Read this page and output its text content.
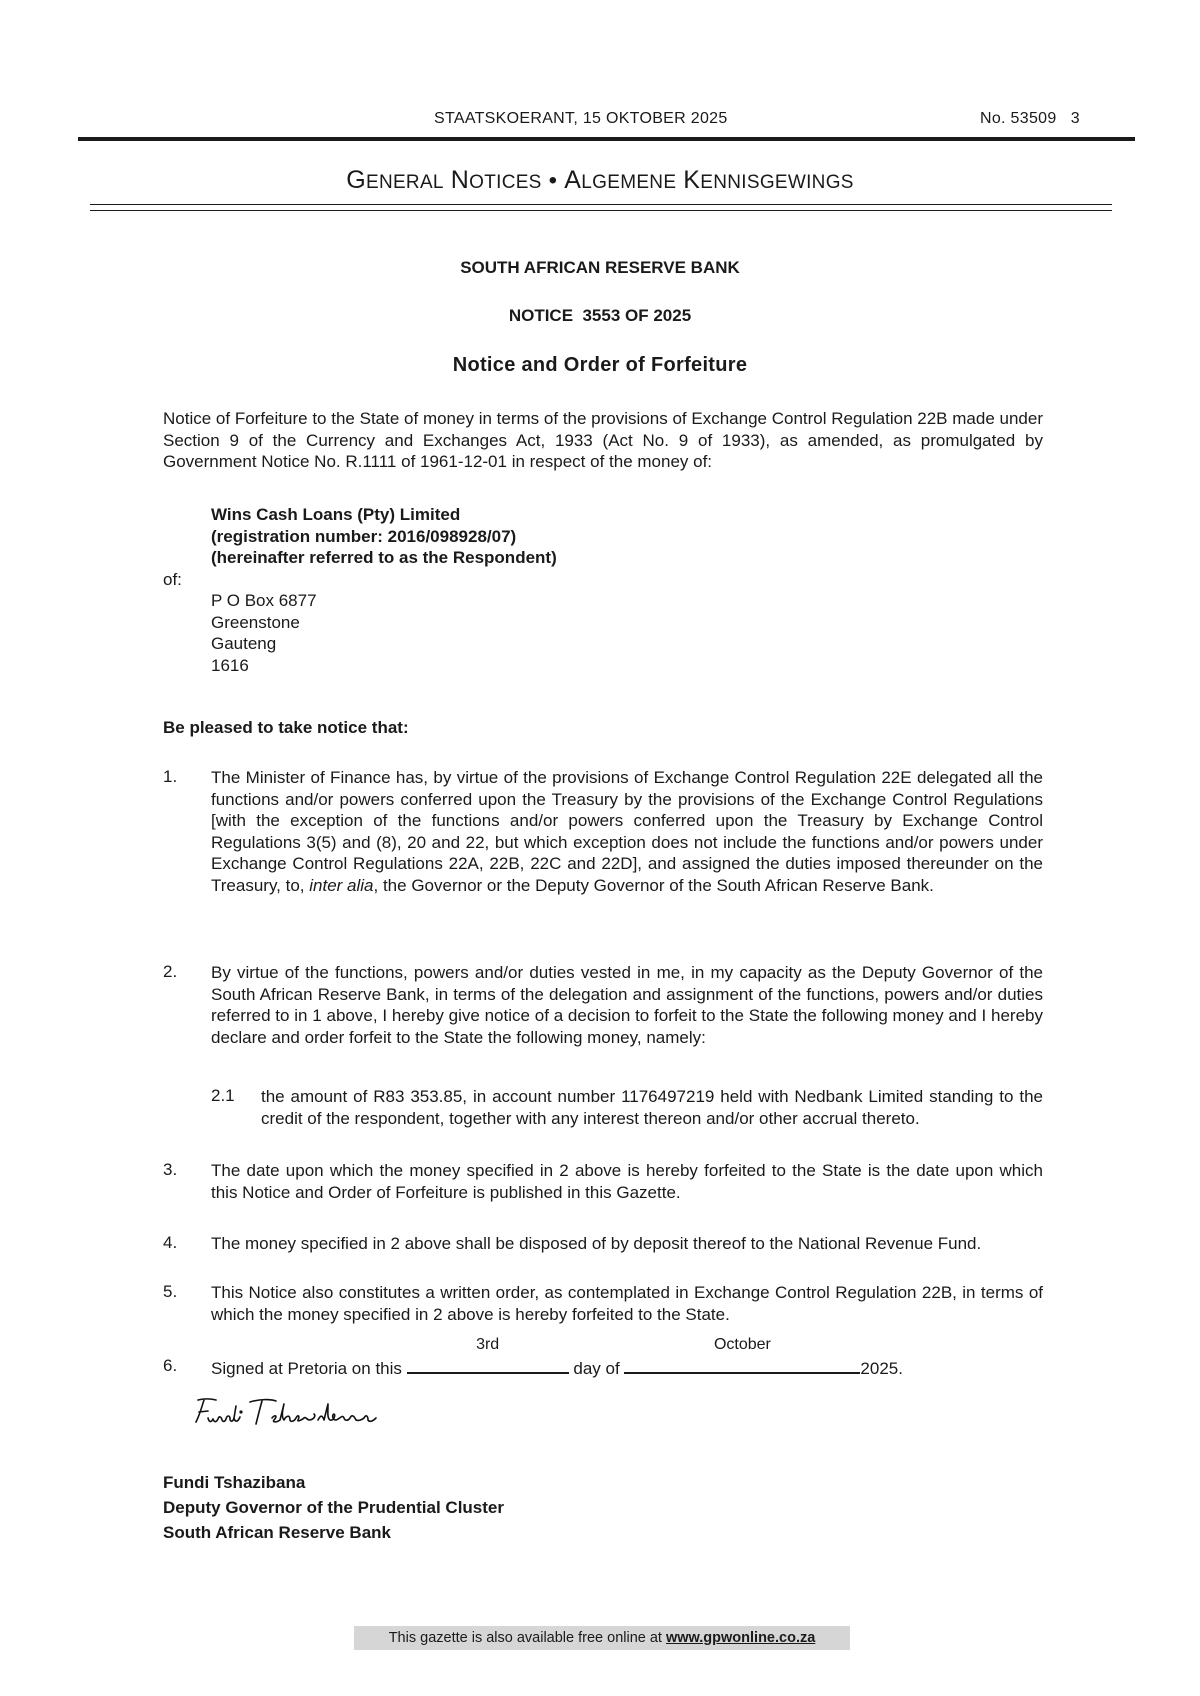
STAATSKOERANT, 15 OKTOBER 2025	No. 53509   3
GENERAL NOTICES • ALGEMENE KENNISGEWINGS
SOUTH AFRICAN RESERVE BANK
NOTICE  3553 OF 2025
Notice and Order of Forfeiture
Notice of Forfeiture to the State of money in terms of the provisions of Exchange Control Regulation 22B made under Section 9 of the Currency and Exchanges Act, 1933 (Act No. 9 of 1933), as amended, as promulgated by Government Notice No. R.1111 of 1961-12-01 in respect of the money of:
Wins Cash Loans (Pty) Limited
(registration number: 2016/098928/07)
(hereinafter referred to as the Respondent)
of:
P O Box 6877
Greenstone
Gauteng
1616
Be pleased to take notice that:
1. The Minister of Finance has, by virtue of the provisions of Exchange Control Regulation 22E delegated all the functions and/or powers conferred upon the Treasury by the provisions of the Exchange Control Regulations [with the exception of the functions and/or powers conferred upon the Treasury by Exchange Control Regulations 3(5) and (8), 20 and 22, but which exception does not include the functions and/or powers under Exchange Control Regulations 22A, 22B, 22C and 22D], and assigned the duties imposed thereunder on the Treasury, to, inter alia, the Governor or the Deputy Governor of the South African Reserve Bank.
2. By virtue of the functions, powers and/or duties vested in me, in my capacity as the Deputy Governor of the South African Reserve Bank, in terms of the delegation and assignment of the functions, powers and/or duties referred to in 1 above, I hereby give notice of a decision to forfeit to the State the following money and I hereby declare and order forfeit to the State the following money, namely:
2.1 the amount of R83 353.85, in account number 1176497219 held with Nedbank Limited standing to the credit of the respondent, together with any interest thereon and/or other accrual thereto.
3. The date upon which the money specified in 2 above is hereby forfeited to the State is the date upon which this Notice and Order of Forfeiture is published in this Gazette.
4. The money specified in 2 above shall be disposed of by deposit thereof to the National Revenue Fund.
5. This Notice also constitutes a written order, as contemplated in Exchange Control Regulation 22B, in terms of which the money specified in 2 above is hereby forfeited to the State.
6. Signed at Pretoria on this
3rd
day of
October
2025.
Fundi Tshazibana
Deputy Governor of the Prudential Cluster
South African Reserve Bank
This gazette is also available free online at www.gpwonline.co.za
